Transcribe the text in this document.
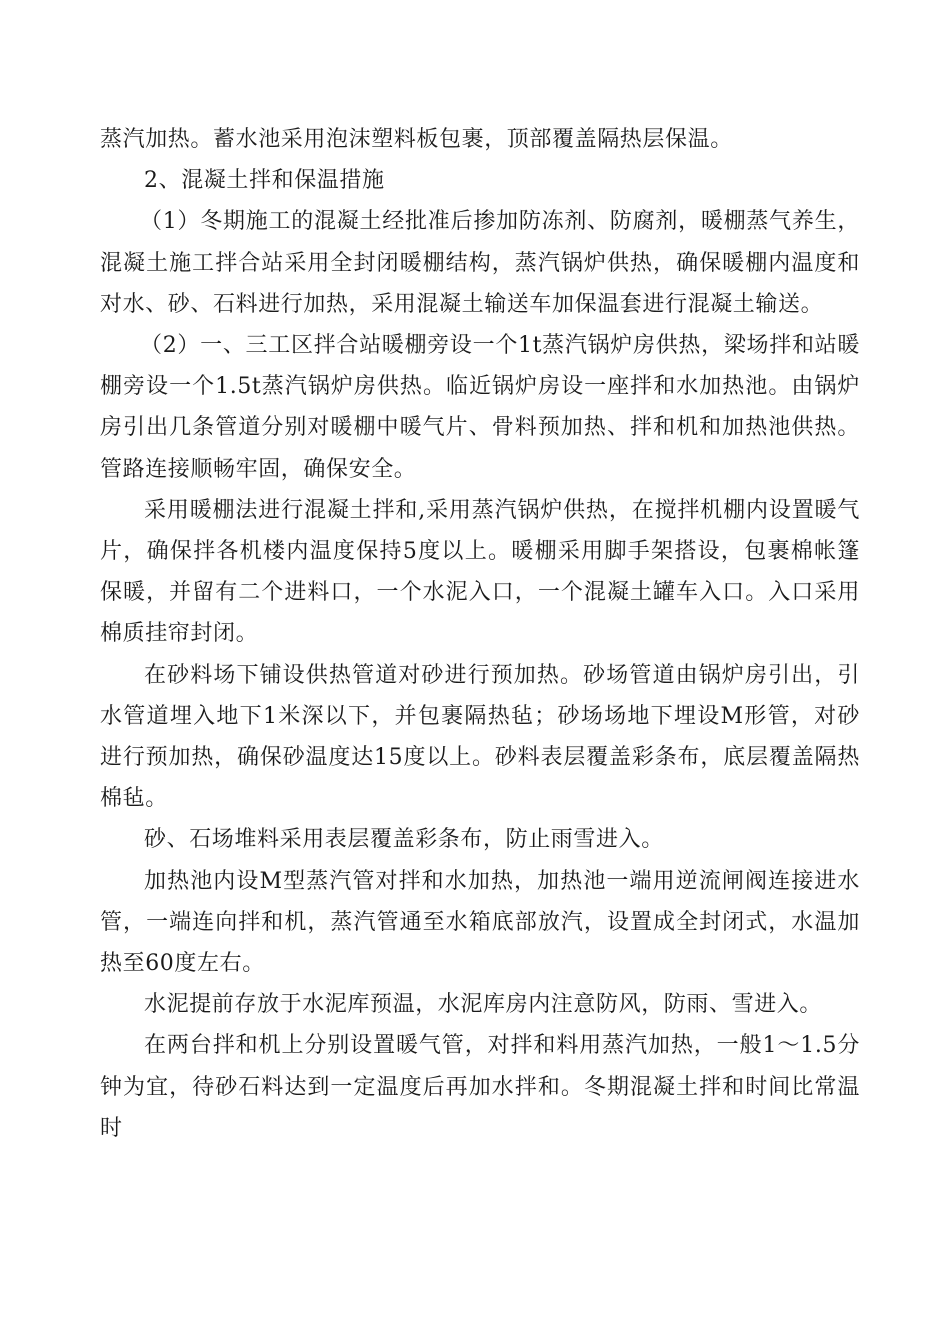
蒸汽加热。蓄水池采用泡沫塑料板包裹，顶部覆盖隔热层保温。

2、混凝土拌和保温措施

（1）冬期施工的混凝土经批准后掺加防冻剂、防腐剂，暖棚蒸气养生，混凝土施工拌合站采用全封闭暖棚结构，蒸汽锅炉供热，确保暖棚内温度和对水、砂、石料进行加热，采用混凝土输送车加保温套进行混凝土输送。

（2）一、三工区拌合站暖棚旁设一个1t蒸汽锅炉房供热，梁场拌和站暖棚旁设一个1.5t蒸汽锅炉房供热。临近锅炉房设一座拌和水加热池。由锅炉房引出几条管道分别对暖棚中暖气片、骨料预加热、拌和机和加热池供热。管路连接顺畅牢固，确保安全。

采用暖棚法进行混凝土拌和,采用蒸汽锅炉供热，在搅拌机棚内设置暖气片，确保拌各机楼内温度保持5度以上。暖棚采用脚手架搭设，包裹棉帐篷保暖，并留有二个进料口，一个水泥入口，一个混凝土罐车入口。入口采用棉质挂帘封闭。

在砂料场下铺设供热管道对砂进行预加热。砂场管道由锅炉房引出，引水管道埋入地下1米深以下，并包裹隔热毡；砂场场地下埋设M形管，对砂进行预加热，确保砂温度达15度以上。砂料表层覆盖彩条布，底层覆盖隔热棉毡。

砂、石场堆料采用表层覆盖彩条布，防止雨雪进入。

加热池内设M型蒸汽管对拌和水加热，加热池一端用逆流闸阀连接进水管，一端连向拌和机，蒸汽管通至水箱底部放汽，设置成全封闭式，水温加热至60度左右。

水泥提前存放于水泥库预温，水泥库房内注意防风，防雨、雪进入。

在两台拌和机上分别设置暖气管，对拌和料用蒸汽加热，一般1～1.5分钟为宜，待砂石料达到一定温度后再加水拌和。冬期混凝土拌和时间比常温时
